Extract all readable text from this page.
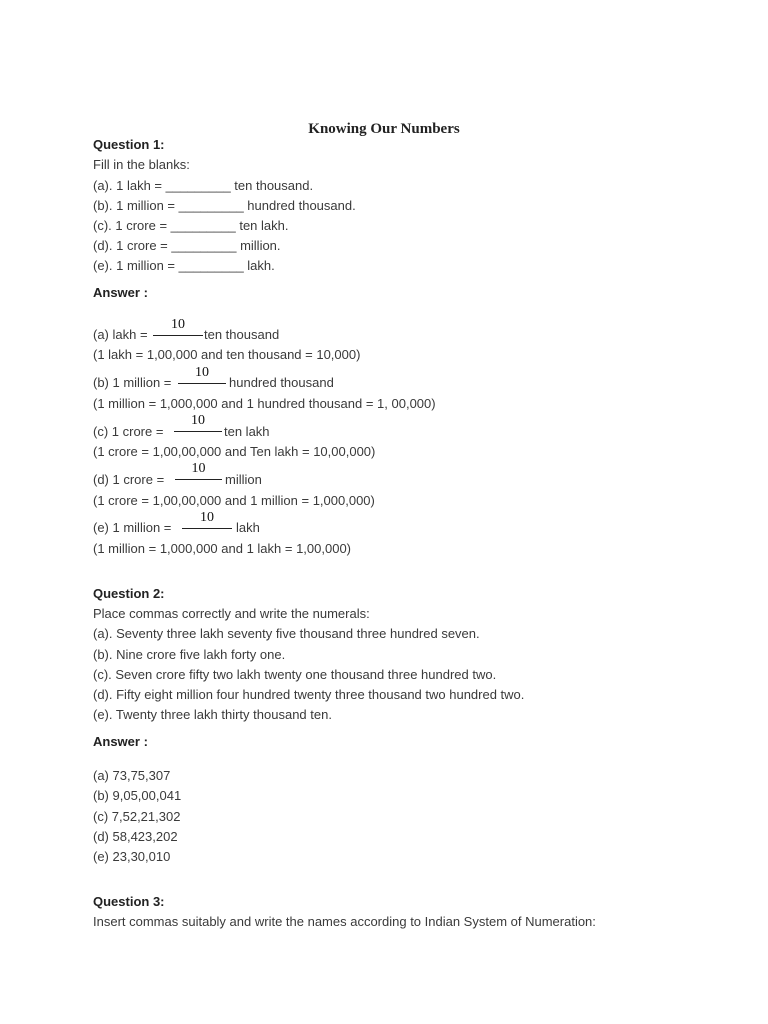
Knowing Our Numbers
Question 1:
Fill in the blanks:
(a). 1 lakh = _________ ten thousand.
(b). 1 million = _________ hundred thousand.
(c). 1 crore = _________ ten lakh.
(d). 1 crore = _________ million.
(e). 1 million = _________ lakh.
Answer :
(a) lakh =
10
ten thousand
(1 lakh = 1,00,000 and ten thousand = 10,000)
(b) 1 million =
10
hundred thousand
(1 million = 1,000,000 and 1 hundred thousand = 1, 00,000)
(c) 1 crore =
10
ten lakh
(1 crore = 1,00,00,000 and Ten lakh = 10,00,000)
(d) 1 crore =
10
million
(1 crore = 1,00,00,000 and 1 million = 1,000,000)
(e) 1 million =
10
lakh
(1 million = 1,000,000 and 1 lakh = 1,00,000)
Question 2:
Place commas correctly and write the numerals:
(a). Seventy three lakh seventy five thousand three hundred seven.
(b). Nine crore five lakh forty one.
(c). Seven crore fifty two lakh twenty one thousand three hundred two.
(d). Fifty eight million four hundred twenty three thousand two hundred two.
(e). Twenty three lakh thirty thousand ten.
Answer :
(a) 73,75,307
(b) 9,05,00,041
(c) 7,52,21,302
(d) 58,423,202
(e) 23,30,010
Question 3:
Insert commas suitably and write the names according to Indian System of Numeration:
